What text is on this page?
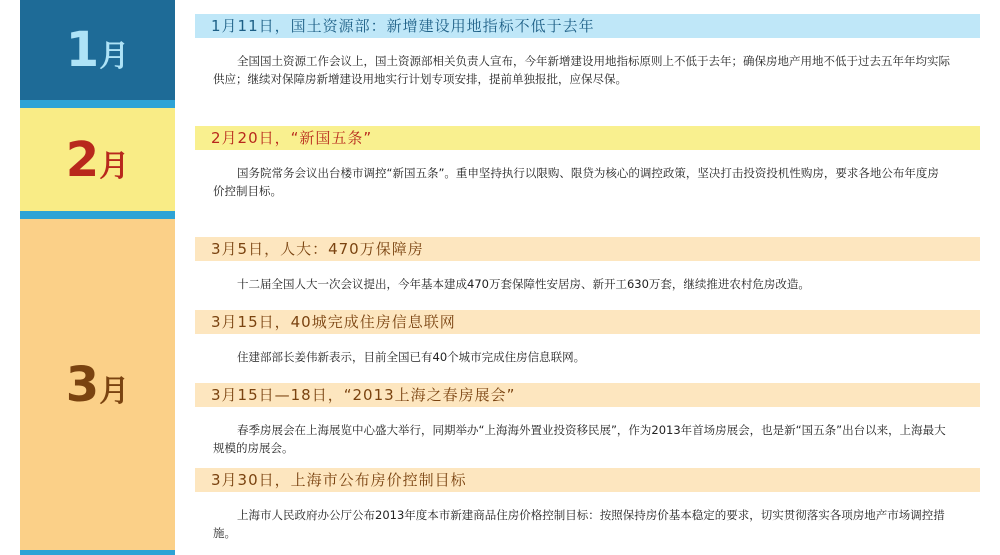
1月
2月
3月
1月11日，国土资源部：新增建设用地指标不低于去年
全国国土资源工作会议上，国土资源部相关负责人宣布，今年新增建设用地指标原则上不低于去年；确保房地产用地不低于过去五年年均实际供应；继续对保障房新增建设用地实行计划专项安排，提前单独报批，应保尽保。
2月20日，“新国五条”
国务院常务会议出台楼市调控“新国五条”。重申坚持执行以限购、限贷为核心的调控政策，坚决打击投资投机性购房，要求各地公布年度房价控制目标。
3月5日，人大：470万保障房
十二届全国人大一次会议提出，今年基本建成470万套保障性安居房、新开工630万套，继续推进农村危房改造。
3月15日，40城完成住房信息联网
住建部部长姜伟新表示，目前全国已有40个城市完成住房信息联网。
3月15日—18日，“2013上海之春房展会”
春季房展会在上海展览中心盛大举行，同期举办“上海海外置业投资移民展”，作为2013年首场房展会，也是新“国五条”出台以来，上海最大规模的房展会。
3月30日，上海市公布房价控制目标
上海市人民政府办公厅公布2013年度本市新建商品住房价格控制目标：按照保持房价基本稳定的要求，切实贯彻落实各项房地产市场调控措施。
